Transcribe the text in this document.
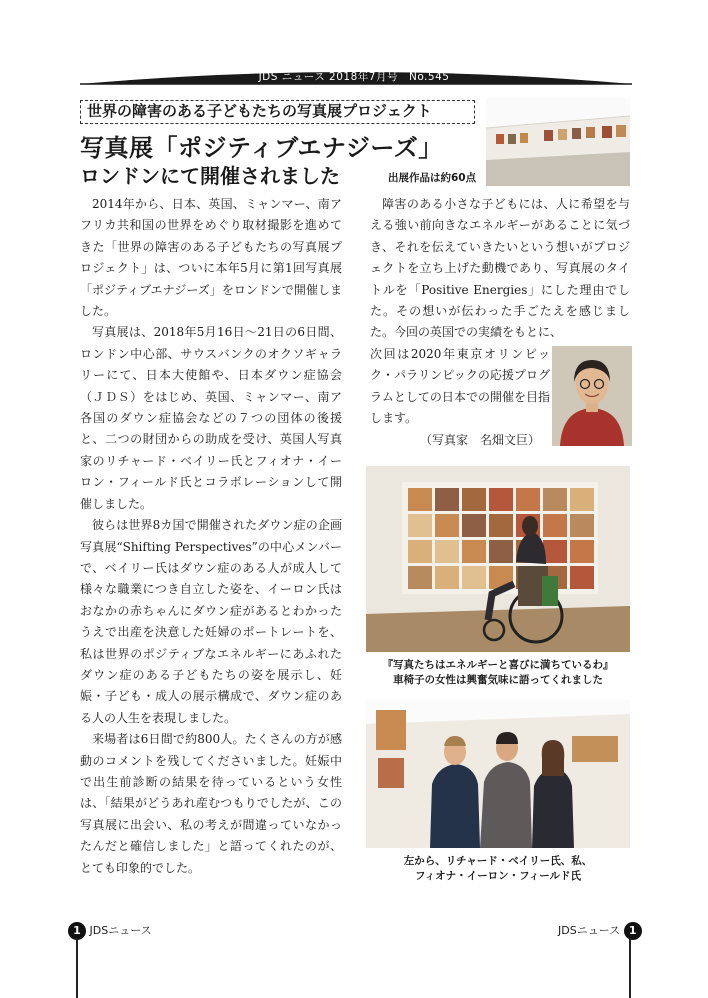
JDS ニュース 2018年7月号　No.545
世界の障害のある子どもたちの写真展プロジェクト
写真展「ポジティブエナジーズ」
ロンドンにて開催されました	出展作品は約60点

2014年から、日本、英国、ミャンマー、南アフリカ共和国の世界をめぐり取材撮影を進めてきた「世界の障害のある子どもたちの写真展プロジェクト」は、ついに本年5月に第1回写真展「ポジティブエナジーズ」をロンドンで開催しました。

写真展は、2018年5月16日～21日の6日間、ロンドン中心部、サウスバンクのオクソギャラリーにて、日本大使館や、日本ダウン症協会（ＪＤＳ）をはじめ、英国、ミャンマー、南ア各国のダウン症協会などの７つの団体の後援と、二つの財団からの助成を受け、英国人写真家のリチャード・ベイリー氏とフィオナ・イーロン・フィールド氏とコラボレーションして開催しました。

彼らは世界8カ国で開催されたダウン症の企画写真展“Shifting Perspectives”の中心メンバーで、ベイリー氏はダウン症のある人が成人して様々な職業につき自立した姿を、イーロン氏はおなかの赤ちゃんにダウン症があるとわかったうえで出産を決意した妊婦のポートレートを、私は世界のポジティブなエネルギーにあふれたダウン症のある子どもたちの姿を展示し、妊娠・子ども・成人の展示構成で、ダウン症のある人の人生を表現しました。

来場者は6日間で約800人。たくさんの方が感動のコメントを残してくださいました。妊娠中で出生前診断の結果を待っているという女性は、「結果がどうあれ産むつもりでしたが、この写真展に出会い、私の考えが間違っていなかったんだと確信しました」と語ってくれたのが、とても印象的でした。

障害のある小さな子どもには、人に希望を与える強い前向きなエネルギーがあることに気づき、それを伝えていきたいという想いがプロジェクトを立ち上げた動機であり、写真展のタイトルを「Positive Energies」にした理由でした。その想いが伝わった手ごたえを感じました。今回の英国での実績をもとに、

次回は2020年東京オリンピック・パラリンピックの応援プログラムとしての日本での開催を目指します。

（写真家　名畑文巨）
『写真たちはエネルギーと喜びに満ちているわ』
車椅子の女性は興奮気味に語ってくれました
左から、リチャード・ベイリー氏、私、
フィオナ・イーロン・フィールド氏
1 JDSニュース	JDSニュース 1
